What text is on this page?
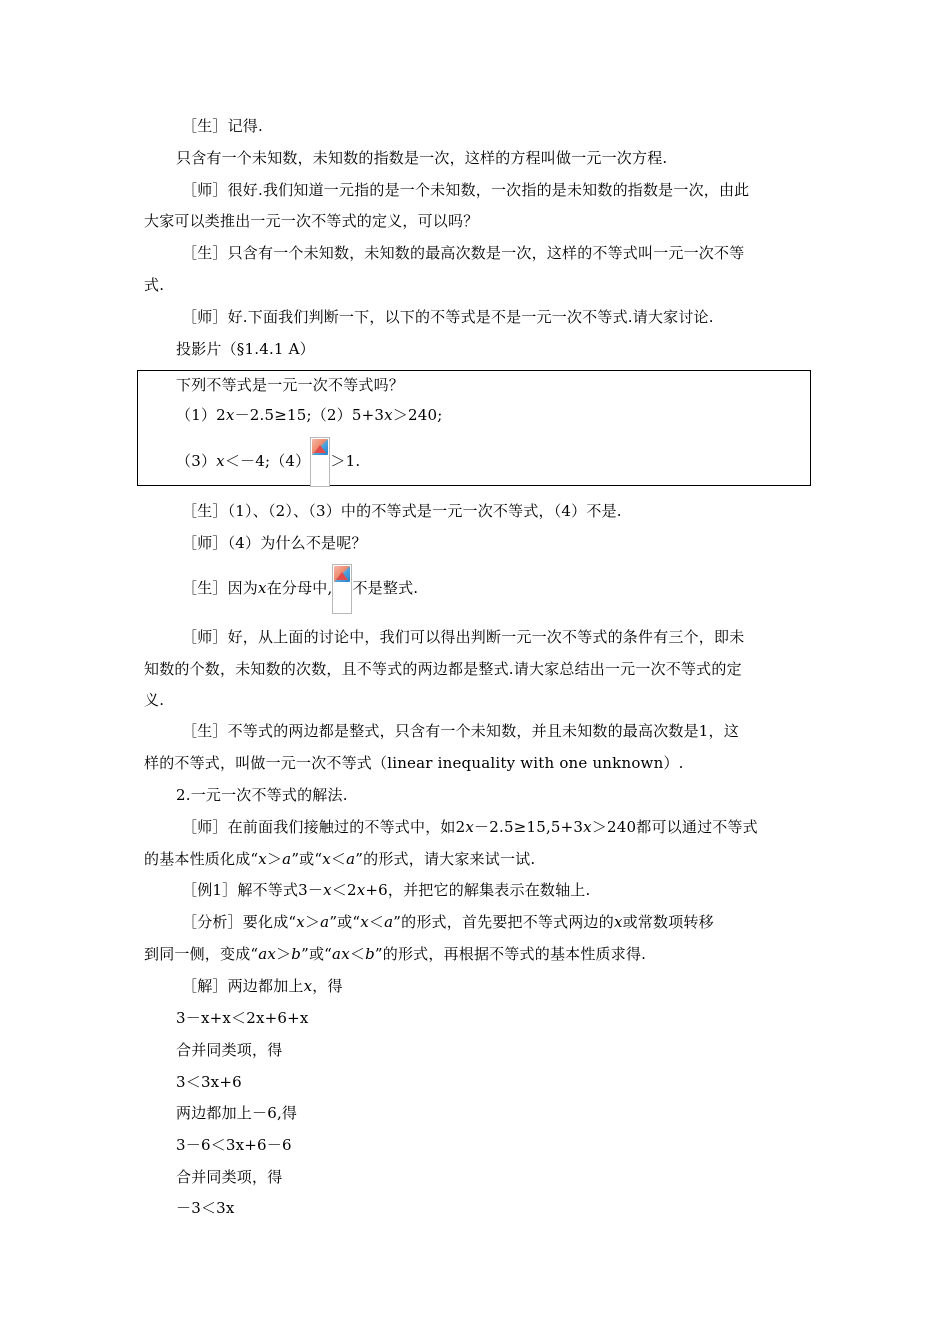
［生］记得.
只含有一个未知数，未知数的指数是一次，这样的方程叫做一元一次方程.
［师］很好.我们知道一元指的是一个未知数，一次指的是未知数的指数是一次，由此
大家可以类推出一元一次不等式的定义，可以吗？
［生］只含有一个未知数，未知数的最高次数是一次，这样的不等式叫一元一次不等
式.
［师］好.下面我们判断一下，以下的不等式是不是一元一次不等式.请大家讨论.
投影片（§1.4.1 A）
下列不等式是一元一次不等式吗？
（1）2x－2.5≥15;（2）5+3x＞240;
（3）x＜－4;（4） ＞1.
［生］（1）、（2）、（3）中的不等式是一元一次不等式，（4）不是.
［师］（4）为什么不是呢？
［生］因为x在分母中, 不是整式.
［师］好，从上面的讨论中，我们可以得出判断一元一次不等式的条件有三个，即未
知数的个数，未知数的次数，且不等式的两边都是整式.请大家总结出一元一次不等式的定
义.
［生］不等式的两边都是整式，只含有一个未知数，并且未知数的最高次数是1，这
样的不等式，叫做一元一次不等式（linear inequality with one unknown）.
2.一元一次不等式的解法.
［师］在前面我们接触过的不等式中，如2x－2.5≥15,5+3x＞240都可以通过不等式
的基本性质化成“x＞a”或“x＜a”的形式，请大家来试一试.
［例1］解不等式3－x＜2x+6，并把它的解集表示在数轴上.
［分析］要化成“x＞a”或“x＜a”的形式，首先要把不等式两边的x或常数项转移
到同一侧，变成“ax＞b”或“ax＜b”的形式，再根据不等式的基本性质求得.
［解］两边都加上x，得
3－x+x＜2x+6+x
合并同类项，得
3＜3x+6
两边都加上－6,得
3－6＜3x+6－6
合并同类项，得
－3＜3x
